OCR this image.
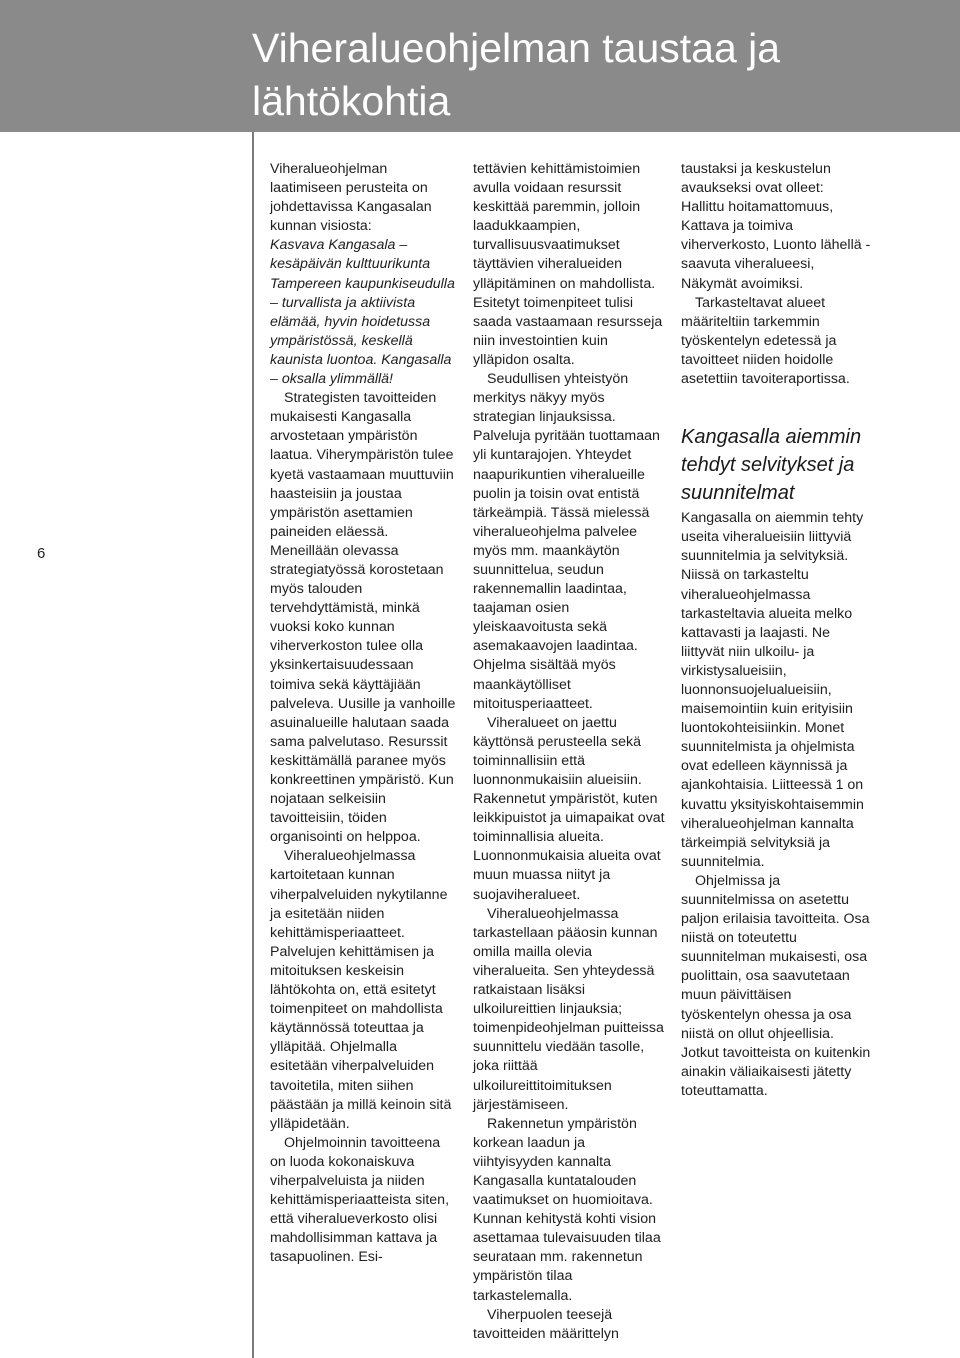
Viheralueohjelman taustaa ja lähtökohtia
6

Viheralueohjelman laatimiseen perusteita on johdettavissa Kangasalan kunnan visiosta:

Kasvava Kangasala – kesäpäivän kulttuurikunta Tampereen kaupunkiseudulla – turvallista ja aktiivista elämää, hyvin hoidetussa ympäristössä, keskellä kaunista luontoa. Kangasalla – oksalla ylimmällä!

Strategisten tavoitteiden mukaisesti Kangasalla arvostetaan ympäristön laatua. Viherympäristön tulee kyetä vastaamaan muuttuviin haasteisiin ja joustaa ympäristön asettamien paineiden eläessä. Meneillään olevassa strategiatyössä korostetaan myös talouden tervehdyttämistä, minkä vuoksi koko kunnan viherverkoston tulee olla yksinkertaisuudessaan toimiva sekä käyttäjiään palveleva. Uusille ja vanhoille asuinalueille halutaan saada sama palvelutaso. Resurssit keskittämällä paranee myös konkreettinen ympäristö. Kun nojataan selkeisiin tavoitteisiin, töiden organisointi on helppoa.

Viheralueohjelmassa kartoitetaan kunnan viherpalveluiden nykytilanne ja esitetään niiden kehittämisperiaatteet. Palvelujen kehittämisen ja mitoituksen keskeisin lähtökohta on, että esitetyt toimenpiteet on mahdollista käytännössä toteuttaa ja ylläpitää. Ohjelmalla esitetään viherpalveluiden tavoitetila, miten siihen päästään ja millä keinoin sitä ylläpidetään.

Ohjelmoinnin tavoitteena on luoda kokonaiskuva viherpalveluista ja niiden kehittämisperiaatteista siten, että viheralueverkosto olisi mahdollisimman kattava ja tasapuolinen. Esi-

tettävien kehittämistoimien avulla voidaan resurssit keskittää paremmin, jolloin laadukkaampien, turvallisuusvaatimukset täyttävien viheralueiden ylläpitäminen on mahdollista. Esitetyt toimenpiteet tulisi saada vastaamaan resursseja niin investointien kuin ylläpidon osalta.

Seudullisen yhteistyön merkitys näkyy myös strategian linjauksissa. Palveluja pyritään tuottamaan yli kuntarajojen. Yhteydet naapurikuntien viheralueille puolin ja toisin ovat entistä tärkeämpiä. Tässä mielessä viheralueohjelma palvelee myös mm. maankäytön suunnittelua, seudun rakennemallin laadintaa, taajaman osien yleiskaavoitusta sekä asemakaavojen laadintaa. Ohjelma sisältää myös maankäytölliset mitoitusperiaatteet.

Viheralueet on jaettu käyttönsä perusteella sekä toiminnallisiin että luonnonmukaisiin alueisiin. Rakennetut ympäristöt, kuten leikkipuistot ja uimapaikat ovat toiminnallisia alueita. Luonnonmukaisia alueita ovat muun muassa niityt ja suojaviheralueet.

Viheralueohjelmassa tarkastellaan pääosin kunnan omilla mailla olevia viheralueita. Sen yhteydessä ratkaistaan lisäksi ulkoilureittien linjauksia; toimenpideohjelman puitteissa suunnittelu viedään tasolle, joka riittää ulkoilureittitoimituksen järjestämiseen.

Rakennetun ympäristön korkean laadun ja viihtyisyyden kannalta Kangasalla kuntatalouden vaatimukset on huomioitava. Kunnan kehitystä kohti vision asettamaa tulevaisuuden tilaa seurataan mm. rakennetun ympäristön tilaa tarkastelemalla.

Viherpuolen teesejä tavoitteiden määrittelyn

taustaksi ja keskustelun avaukseksi ovat olleet: Hallittu hoitamattomuus, Kattava ja toimiva viherverkosto, Luonto lähellä - saavuta viheralueesi, Näkymät avoimiksi.

Tarkasteltavat alueet määriteltiin tarkemmin työskentelyn edetessä ja tavoitteet niiden hoidolle asetettiin tavoiteraportissa.

Kangasalla aiemmin tehdyt selvitykset ja suunnitelmat

Kangasalla on aiemmin tehty useita viheralueisiin liittyviä suunnitelmia ja selvityksiä. Niissä on tarkasteltu viheralueohjelmassa tarkasteltavia alueita melko kattavasti ja laajasti. Ne liittyvät niin ulkoilu- ja virkistysalueisiin, luonnonsuojelualueisiin, maisemointiin kuin erityisiin luontokohteisiinkin. Monet suunnitelmista ja ohjelmista ovat edelleen käynnissä ja ajankohtaisia. Liitteessä 1 on kuvattu yksityiskohtaisemmin viheralueohjelman kannalta tärkeimpiä selvityksiä ja suunnitelmia.

Ohjelmissa ja suunnitelmissa on asetettu paljon erilaisia tavoitteita. Osa niistä on toteutettu suunnitelman mukaisesti, osa puolittain, osa saavutetaan muun päivittäisen työskentelyn ohessa ja osa niistä on ollut ohjeellisia. Jotkut tavoitteista on kuitenkin ainakin väliaikaisesti jätetty toteuttamatta.
